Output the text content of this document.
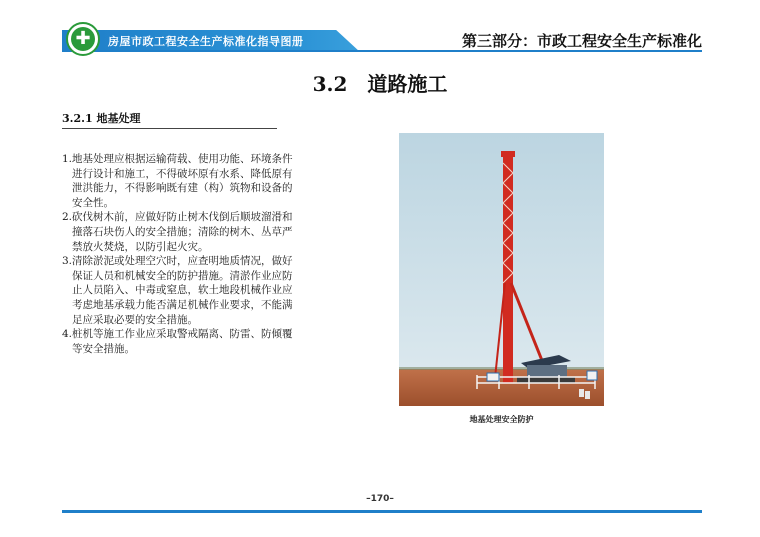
✚ 房屋市政工程安全生产标准化指导图册	第三部分：市政工程安全生产标准化
3.2　道路施工
3.2.1 地基处理
1.地基处理应根据运输荷载、使用功能、环境条件进行设计和施工，不得破坏原有水系、降低原有泄洪能力，不得影响既有建（构）筑物和设备的安全性。
2.砍伐树木前，应做好防止树木伐倒后顺坡溜滑和撞落石块伤人的安全措施；清除的树木、丛草严禁放火焚烧，以防引起火灾。
3.清除淤泥或处理空穴时，应查明地质情况，做好保证人员和机械安全的防护措施。清淤作业应防止人员陷入、中毒或窒息，软土地段机械作业应考虑地基承载力能否满足机械作业要求，不能满足应采取必要的安全措施。
4.桩机等施工作业应采取警戒隔离、防雷、防倾覆等安全措施。
地基处理安全防护
–170–
